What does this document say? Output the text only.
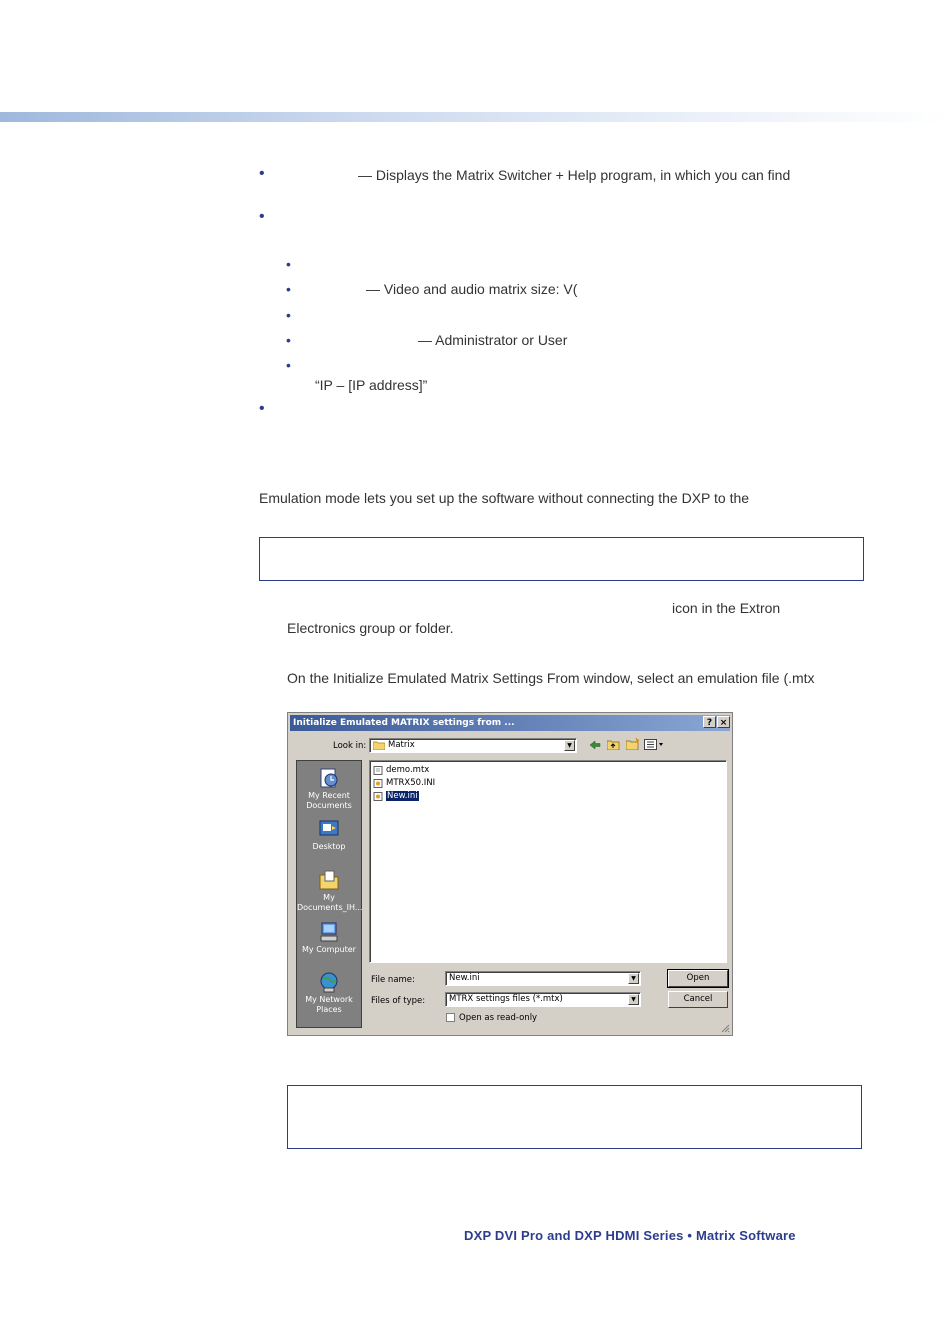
•	— Displays the Matrix Switcher + Help program, in which you can find
•
•
•	— Video and audio matrix size: V(
•
•	— Administrator or User
•
“IP – [IP address]”
•
Emulation mode lets you set up the software without connecting the DXP to the
icon in the Extron
Electronics group or folder.
On the Initialize Emulated Matrix Settings From window, select an emulation file (.mtx
Initialize Emulated MATRIX settings from ...	? ×
Look in:	Matrix	▼
My Recent Documents
Desktop
My Documents_IH...
My Computer
My Network Places
demo.mtx
MTRX50.INI
New.ini
File name:	New.ini	▼
Files of type:	MTRX settings files (*.mtx)	▼
Open as read-only
Open
Cancel
DXP DVI Pro and DXP HDMI Series • Matrix Software
